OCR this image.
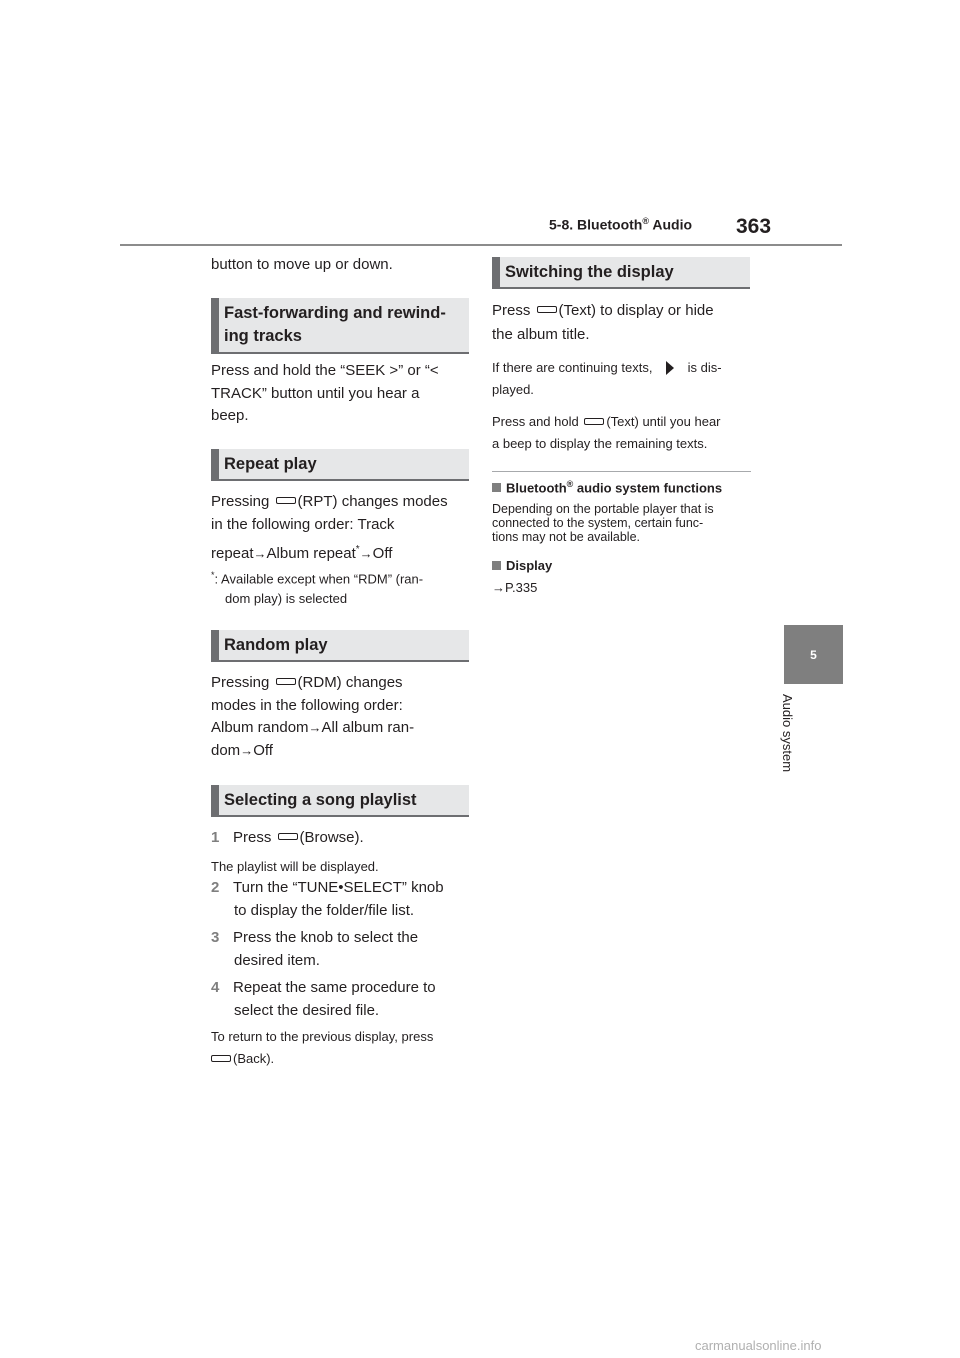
5-8. Bluetooth® Audio 363
5
Audio system

button to move up or down.

Fast-forwarding and rewind-
ing tracks

Press and hold the “SEEK >” or “<

TRACK” button until you hear a

beep.

Repeat play

Pressing (RPT) changes modes

in the following order: Track

repeat→Album repeat*→Off

*: Available except when “RDM” (ran-

dom play) is selected

Random play

Pressing (RDM) changes

modes in the following order:

Album random→All album ran-

dom→Off

Selecting a song playlist
1 Press (Browse).
The playlist will be displayed.
2 Turn the “TUNE•SELECT” knob
to display the folder/file list.
3 Press the knob to select the
desired item.
4 Repeat the same procedure to
select the desired file.

To return to the previous display, press

(Back).

Switching the display

Press (Text) to display or hide

the album title.

If there are continuing texts,  is dis-

played.

Press and hold (Text) until you hear

a beep to display the remaining texts.

Bluetooth® audio system functions

Depending on the portable player that is

connected to the system, certain func-

tions may not be available.

Display
→P.335
carmanualsonline.info
